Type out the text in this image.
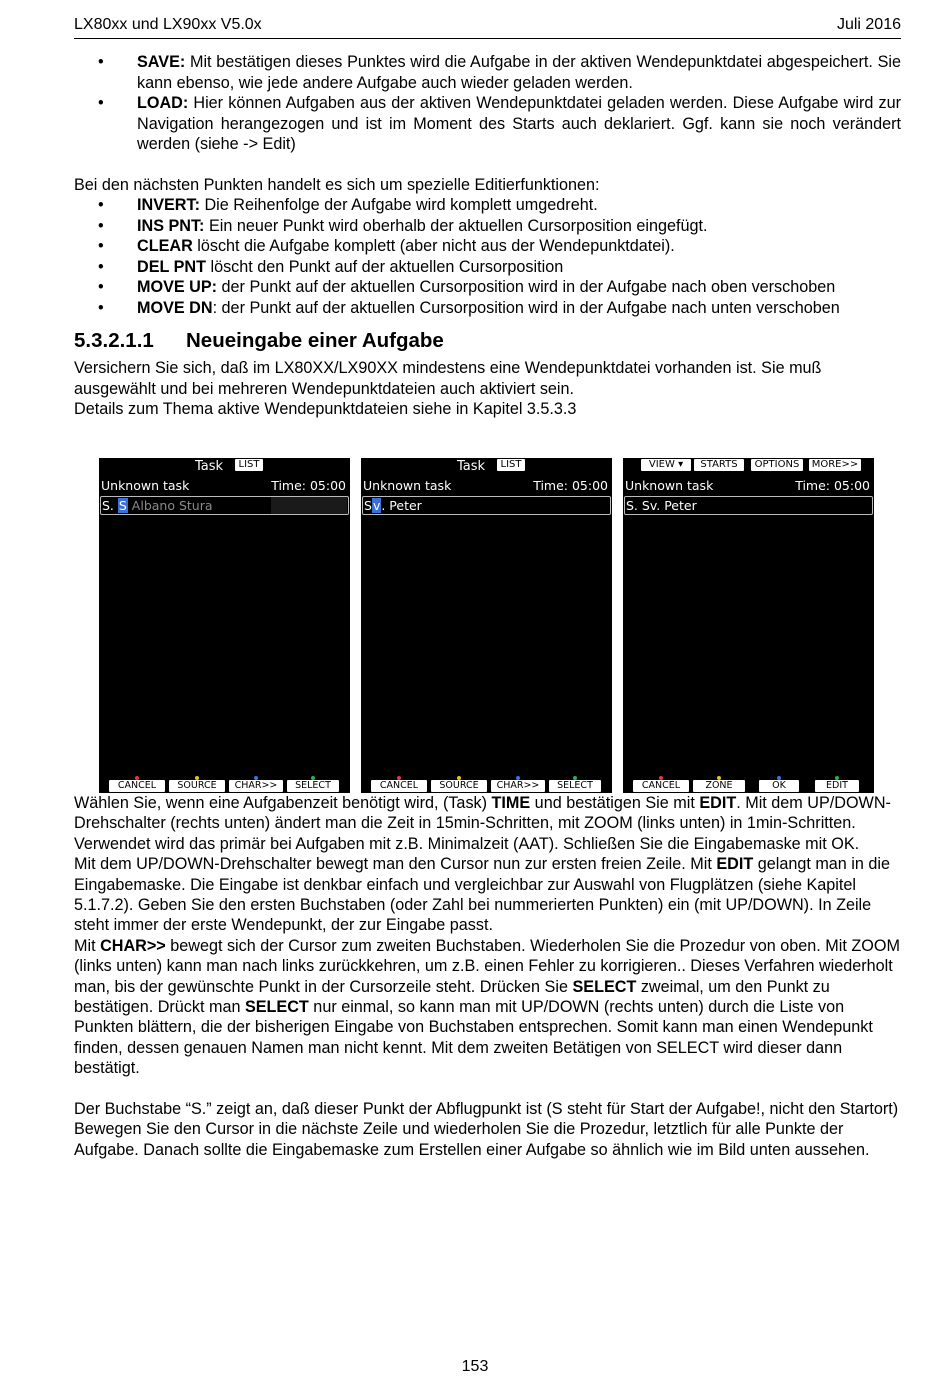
LX80xx und LX90xx V5.0x	Juli 2016
• SAVE: Mit bestätigen dieses Punktes wird die Aufgabe in der aktiven Wendepunktdatei abgespeichert. Sie kann ebenso, wie jede andere Aufgabe auch wieder geladen werden.
• LOAD: Hier können Aufgaben aus der aktiven Wendepunktdatei geladen werden. Diese Aufgabe wird zur Navigation herangezogen und ist im Moment des Starts auch deklariert. Ggf. kann sie noch verändert werden (siehe -> Edit)

Bei den nächsten Punkten handelt es sich um spezielle Editierfunktionen:

• INVERT: Die Reihenfolge der Aufgabe wird komplett umgedreht.
• INS PNT: Ein neuer Punkt wird oberhalb der aktuellen Cursorposition eingefügt.
• CLEAR löscht die Aufgabe komplett (aber nicht aus der Wendepunktdatei).
• DEL PNT löscht den Punkt auf der aktuellen Cursorposition
• MOVE UP: der Punkt auf der aktuellen Cursorposition wird in der Aufgabe nach oben verschoben
• MOVE DN: der Punkt auf der aktuellen Cursorposition wird in der Aufgabe nach unten verschoben
5.3.2.1.1 Neueingabe einer Aufgabe

Versichern Sie sich, daß im LX80XX/LX90XX mindestens eine Wendepunktdatei vorhanden ist. Sie muß ausgewählt und bei mehreren Wendepunktdateien auch aktiviert sein.

Details zum Thema aktive Wendepunktdateien siehe in Kapitel 3.5.3.3

Task	LIST
Unknown task	Time: 05:00
S. S Albano Stura
CANCEL	SOURCE	CHAR>>	SELECT
Task	LIST
Unknown task	Time: 05:00
Sv. Peter
CANCEL	SOURCE	CHAR>>	SELECT
VIEW ▾	STARTS	OPTIONS	MORE>>
Unknown task	Time: 05:00
S. Sv. Peter
CANCEL	ZONE	OK	EDIT

Wählen Sie, wenn eine Aufgabenzeit benötigt wird, (Task) TIME und bestätigen Sie mit EDIT. Mit dem UP/DOWN-Drehschalter (rechts unten) ändert man die Zeit in 15min-Schritten, mit ZOOM (links unten) in 1min-Schritten. Verwendet wird das primär bei Aufgaben mit z.B. Minimalzeit (AAT). Schließen Sie die Eingabemaske mit OK.

Mit dem UP/DOWN-Drehschalter bewegt man den Cursor nun zur ersten freien Zeile. Mit EDIT gelangt man in die Eingabemaske. Die Eingabe ist denkbar einfach und vergleichbar zur Auswahl von Flugplätzen (siehe Kapitel 5.1.7.2). Geben Sie den ersten Buchstaben (oder Zahl bei nummerierten Punkten) ein (mit UP/DOWN). In Zeile steht immer der erste Wendepunkt, der zur Eingabe passt.

Mit CHAR>> bewegt sich der Cursor zum zweiten Buchstaben. Wiederholen Sie die Prozedur von oben. Mit ZOOM (links unten) kann man nach links zurückkehren, um z.B. einen Fehler zu korrigieren.. Dieses Verfahren wiederholt man, bis der gewünschte Punkt in der Cursorzeile steht. Drücken Sie SELECT zweimal, um den Punkt zu bestätigen. Drückt man SELECT nur einmal, so kann man mit UP/DOWN (rechts unten) durch die Liste von Punkten blättern, die der bisherigen Eingabe von Buchstaben entsprechen. Somit kann man einen Wendepunkt finden, dessen genauen Namen man nicht kennt. Mit dem zweiten Betätigen von SELECT wird dieser dann bestätigt.

Der Buchstabe “S.” zeigt an, daß dieser Punkt der Abflugpunkt ist (S steht für Start der Aufgabe!, nicht den Startort)

Bewegen Sie den Cursor in die nächste Zeile und wiederholen Sie die Prozedur, letztlich für alle Punkte der Aufgabe. Danach sollte die Eingabemaske zum Erstellen einer Aufgabe so ähnlich wie im Bild unten aussehen.

153
